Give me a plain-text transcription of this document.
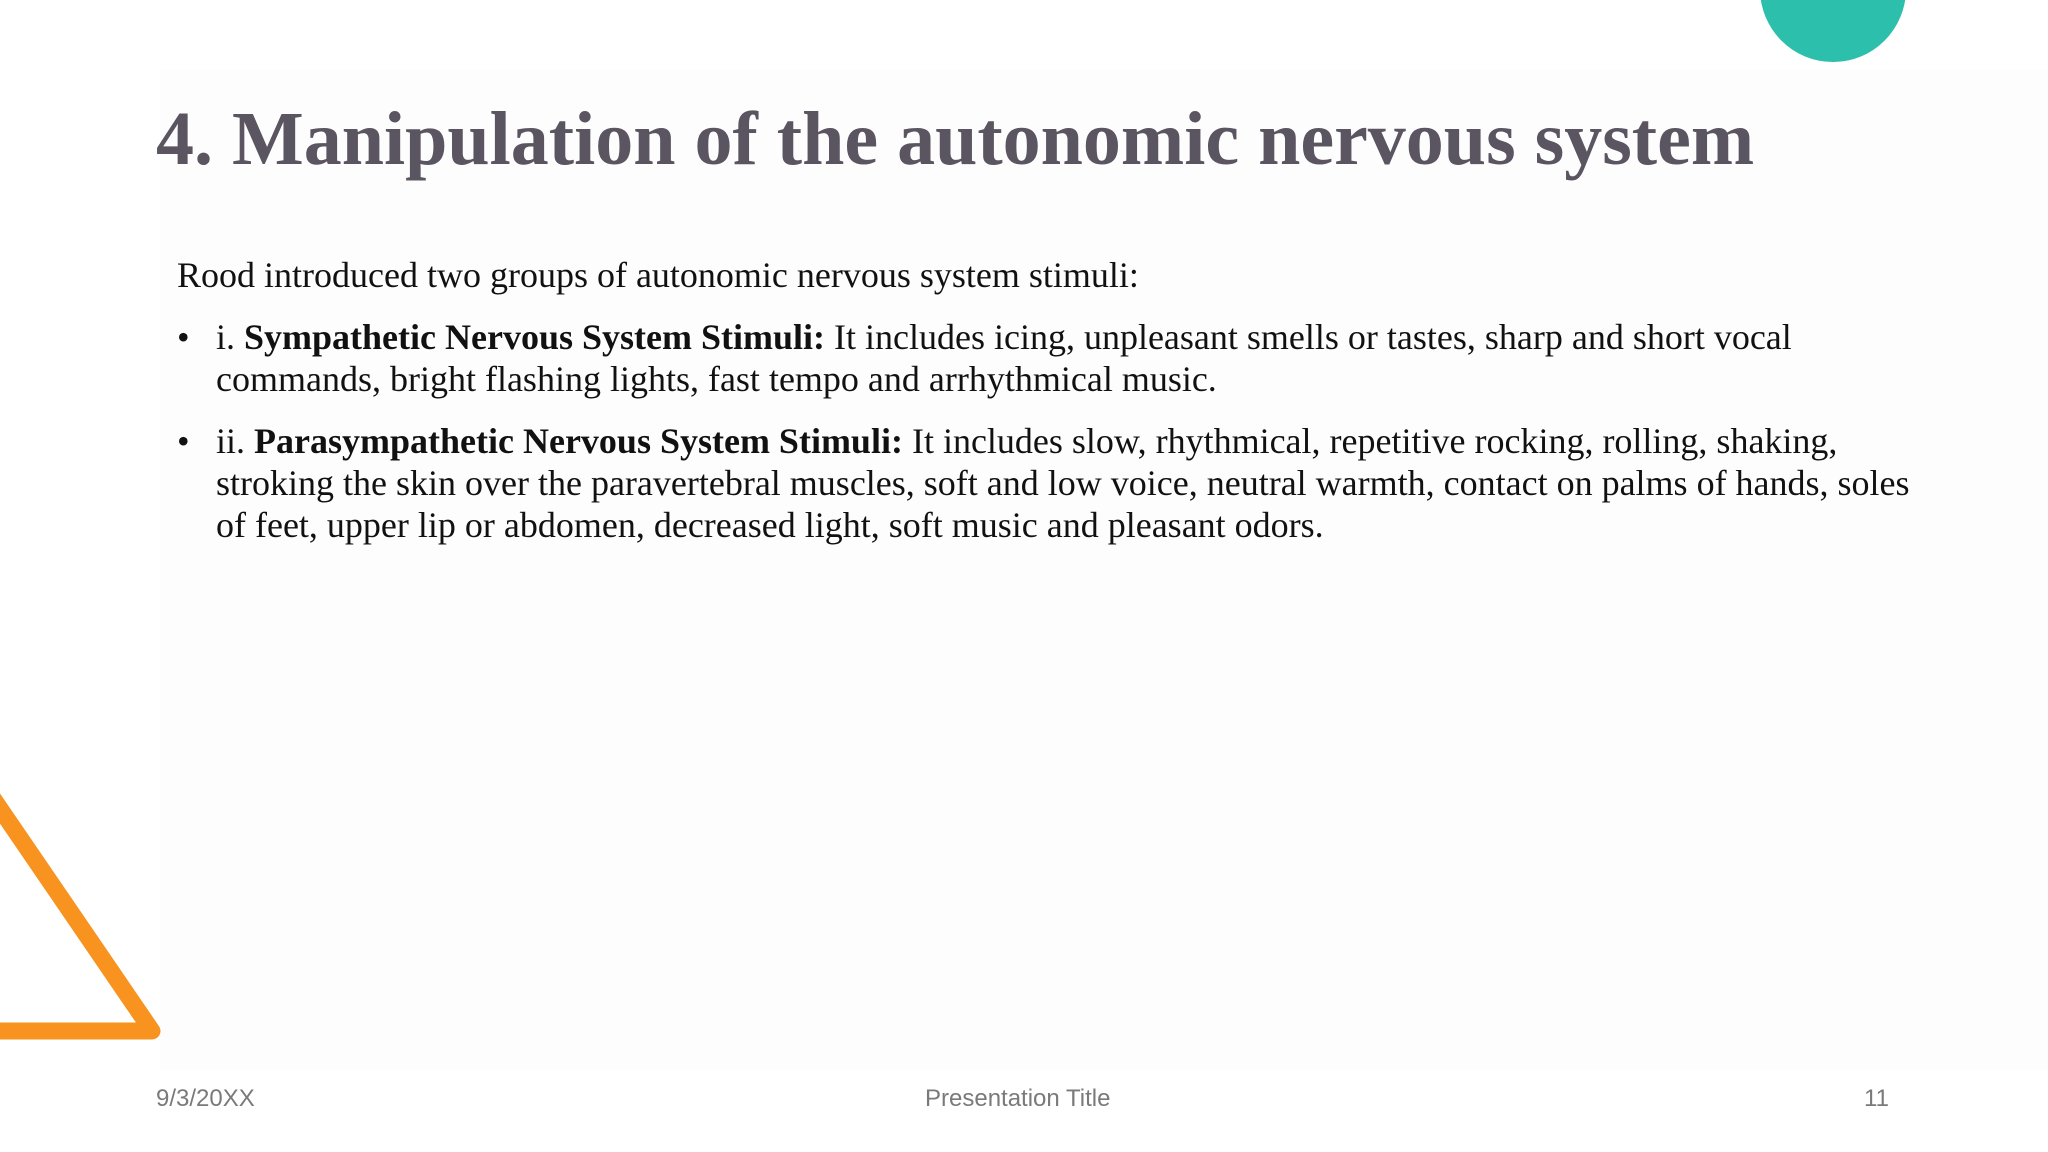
4. Manipulation of the autonomic nervous system

Rood introduced two groups of autonomic nervous system stimuli:

• i. Sympathetic Nervous System Stimuli: It includes icing, unpleasant smells or tastes, sharp and short vocal commands, bright flashing lights, fast tempo and arrhythmical music.
• ii. Parasympathetic Nervous System Stimuli: It includes slow, rhythmical, repetitive rocking, rolling, shaking, stroking the skin over the paravertebral muscles, soft and low voice, neutral warmth, contact on palms of hands, soles of feet, upper lip or abdomen, decreased light, soft music and pleasant odors.
9/3/20XX	Presentation Title	11
